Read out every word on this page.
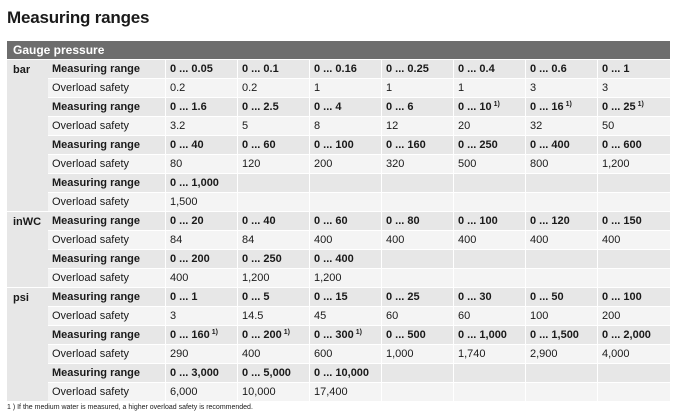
Measuring ranges
Gauge pressure
bar	Measuring range	0 ... 0.05	0 ... 0.1	0 ... 0.16	0 ... 0.25	0 ... 0.4	0 ... 0.6	0 ... 1
Overload safety	0.2	0.2	1	1	1	3	3
Measuring range	0 ... 1.6	0 ... 2.5	0 ... 4	0 ... 6	0 ... 10 $^{1)}$	0 ... 16 $^{1)}$	0 ... 25 $^{1)}$
Overload safety	3.2	5	8	12	20	32	50
Measuring range	0 ... 40	0 ... 60	0 ... 100	0 ... 160	0 ... 250	0 ... 400	0 ... 600
Overload safety	80	120	200	320	500	800	1,200
Measuring range	0 ... 1,000
Overload safety	1,500
inWC Measuring range	0 ... 20	0 ... 40	0 ... 60	0 ... 80	0 ... 100	0 ... 120	0 ... 150
Overload safety	84	84	400	400	400	400	400
Measuring range	0 ... 200	0 ... 250	0 ... 400
Overload safety	400	1,200	1,200
psi	Measuring range	0 ... 1	0 ... 5	0 ... 15	0 ... 25	0 ... 30	0 ... 50	0 ... 100
Overload safety	3	14.5	45	60	60	100	200
Measuring range	0 ... 160 $^{1)}$	0 ... 200 $^{1)}$	0 ... 300 $^{1)}$	0 ... 500	0 ... 1,000	0 ... 1,500	0 ... 2,000
Overload safety	290	400	600	1,000	1,740	2,900	4,000
Measuring range	0 ... 3,000	0 ... 5,000	0 ... 10,000
Overload safety	6,000	10,000	17,400
1 ) If the medium water is measured, a higher overload safety is recommended.
